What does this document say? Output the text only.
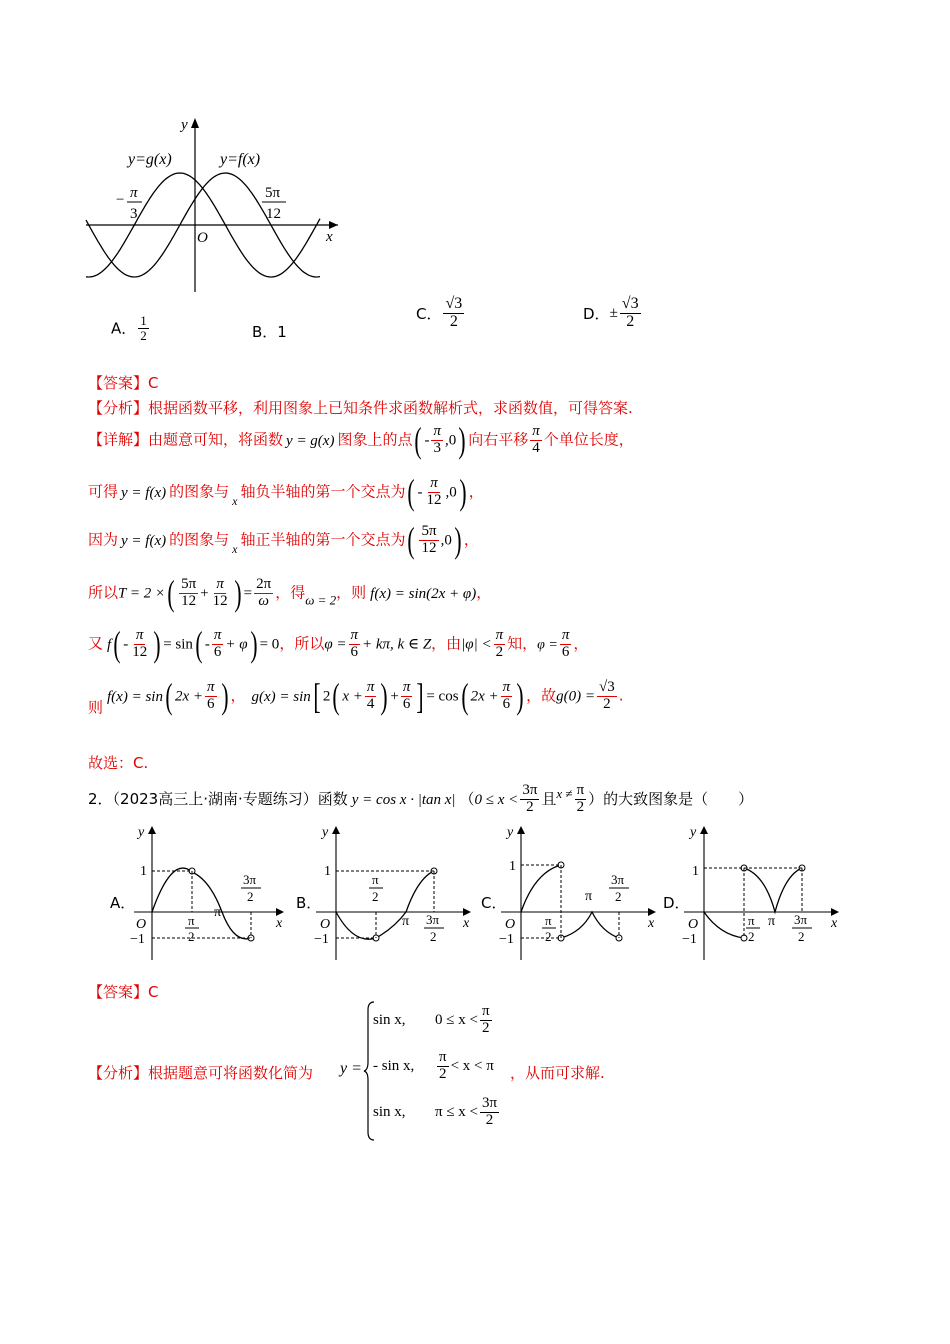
y
x
O
y=g(x)	y=f(x)
− π
3
5π
12
A． $\frac{1}{2}$	B．1
C． $\frac{√3}{2}$	D．± $\frac{√3}{2}$
【答案】C
【分析】根据函数平移，利用图象上已知条件求函数解析式，求函数值，可得答案.
【详解】由题意可知，将函数 y = g(x) 图象上的点( - $\frac{\pi}{3} ,0$) 向右平移 $\frac{\pi}{4}$ 个单位长度，
可得 y = f(x) 的图象与 $_x$ 轴负半轴的第一个交点为( - $\frac{\pi}{12} ,0$) ，
因为 y = f(x) 的图象与 $_x$ 轴正半轴的第一个交点为( $\frac{5\pi}{12} ,0$) ，
所以T = 2 ×( $\frac{5\pi}{12} + \frac{\pi}{12}$ ) = $\frac{2\pi}{\omega}$ ，得ω = 2，则 f(x) = sin(2x + φ)，
又 $f( - \frac{\pi}{12}$ ) = $\sin( - \frac{\pi}{6} + \varphi) = 0$，所以$\varphi = \frac{\pi}{6} + k\pi$, k ∈ Z，由$|\varphi| < \frac{\pi}{2}$ 知，$\varphi = \frac{\pi}{6}$ ，
则f(x) = sin( $2x + \frac{\pi}{6}$ ) ， g(x) = sin[ 2( $x + \frac{\pi}{4}$ ) + $\frac{\pi}{6}$ ] = cos( $2x + \frac{\pi}{6}$ ) ，故$g(0) = \frac{√3}{2}$ .
故选：C.
2．（2023高三上·湖南·专题练习）函数 y = cos x · |tan x| （$0 \le x < \frac{3\pi}{2}$ 且$x \ne \frac{\pi}{2}$ ）的大致图象是（　　）
A．
y
x
O
1
−1
π
3π
2
π
2
B．
y
x
O
1
−1
π
π
2
3π
2
C．
y
x
O
1
−1
π
3π
2
π
2
D．
y
x
O
1
−1
π
π
2
3π
2
【答案】C
【分析】根据题意可将函数化简为 y =
sin x, $0 \le x < \frac{\pi}{2}$
- sin x, $\frac{\pi}{2} < x < \pi$
sin x, $\pi \le x < \frac{3\pi}{2}$
，从而可求解.
